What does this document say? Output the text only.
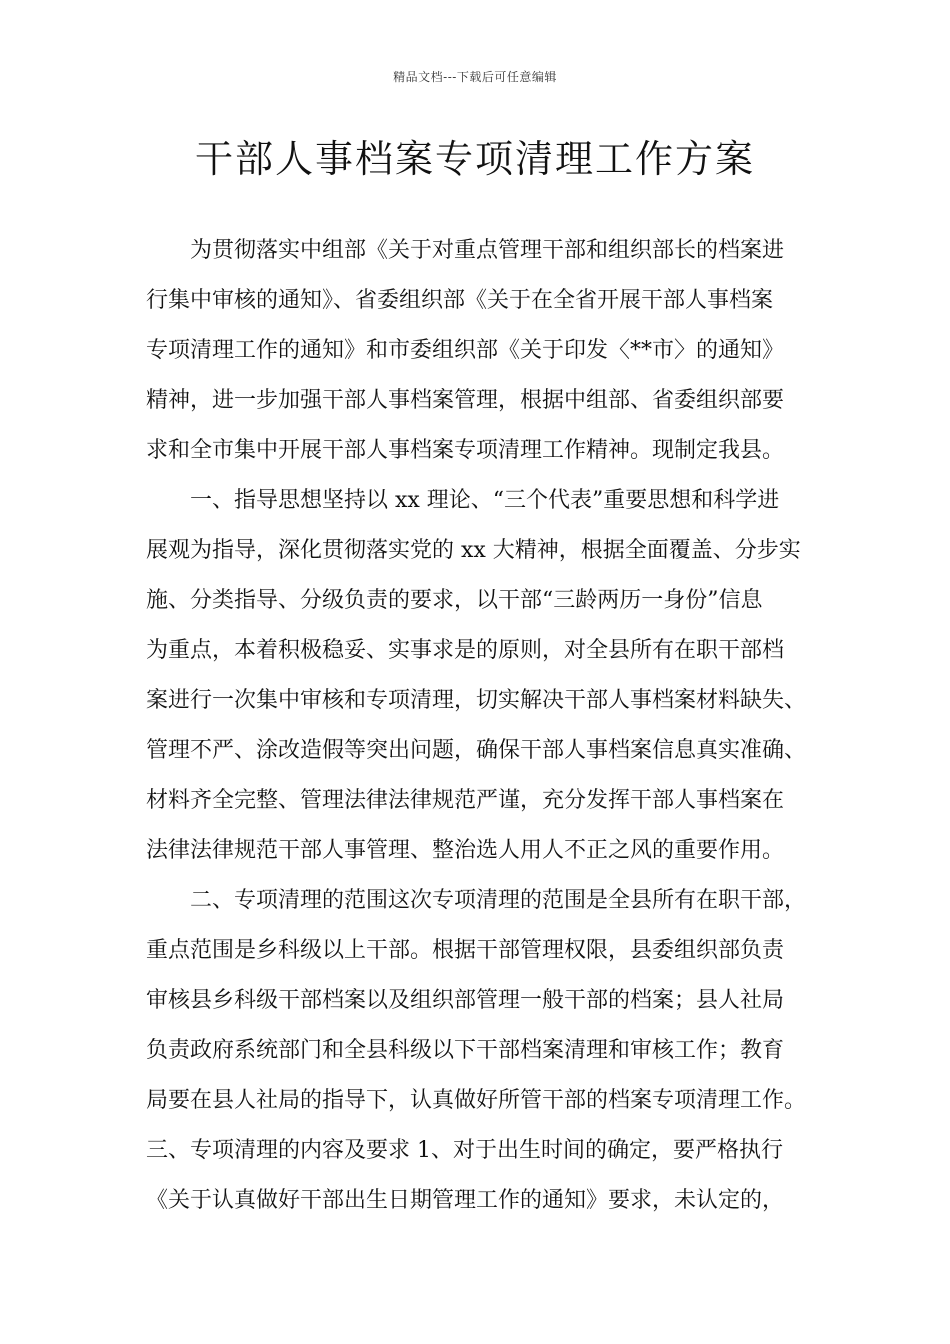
精品文档---下载后可任意编辑
干部人事档案专项清理工作方案
为贯彻落实中组部《关于对重点管理干部和组织部长的档案进
行集中审核的通知》、省委组织部《关于在全省开展干部人事档案
专项清理工作的通知》和市委组织部《关于印发〈**市〉的通知》
精神，进一步加强干部人事档案管理，根据中组部、省委组织部要
求和全市集中开展干部人事档案专项清理工作精神。现制定我县。
一、指导思想坚持以 xx 理论、“三个代表”重要思想和科学进
展观为指导，深化贯彻落实党的 xx 大精神，根据全面覆盖、分步实
施、分类指导、分级负责的要求，以干部“三龄两历一身份”信息
为重点，本着积极稳妥、实事求是的原则，对全县所有在职干部档
案进行一次集中审核和专项清理，切实解决干部人事档案材料缺失、
管理不严、涂改造假等突出问题，确保干部人事档案信息真实准确、
材料齐全完整、管理法律法律规范严谨，充分发挥干部人事档案在
法律法律规范干部人事管理、整治选人用人不正之风的重要作用。
二、专项清理的范围这次专项清理的范围是全县所有在职干部，
重点范围是乡科级以上干部。根据干部管理权限，县委组织部负责
审核县乡科级干部档案以及组织部管理一般干部的档案；县人社局
负责政府系统部门和全县科级以下干部档案清理和审核工作；教育
局要在县人社局的指导下，认真做好所管干部的档案专项清理工作。
三、专项清理的内容及要求 1、对于出生时间的确定，要严格执行
《关于认真做好干部出生日期管理工作的通知》要求，未认定的，
